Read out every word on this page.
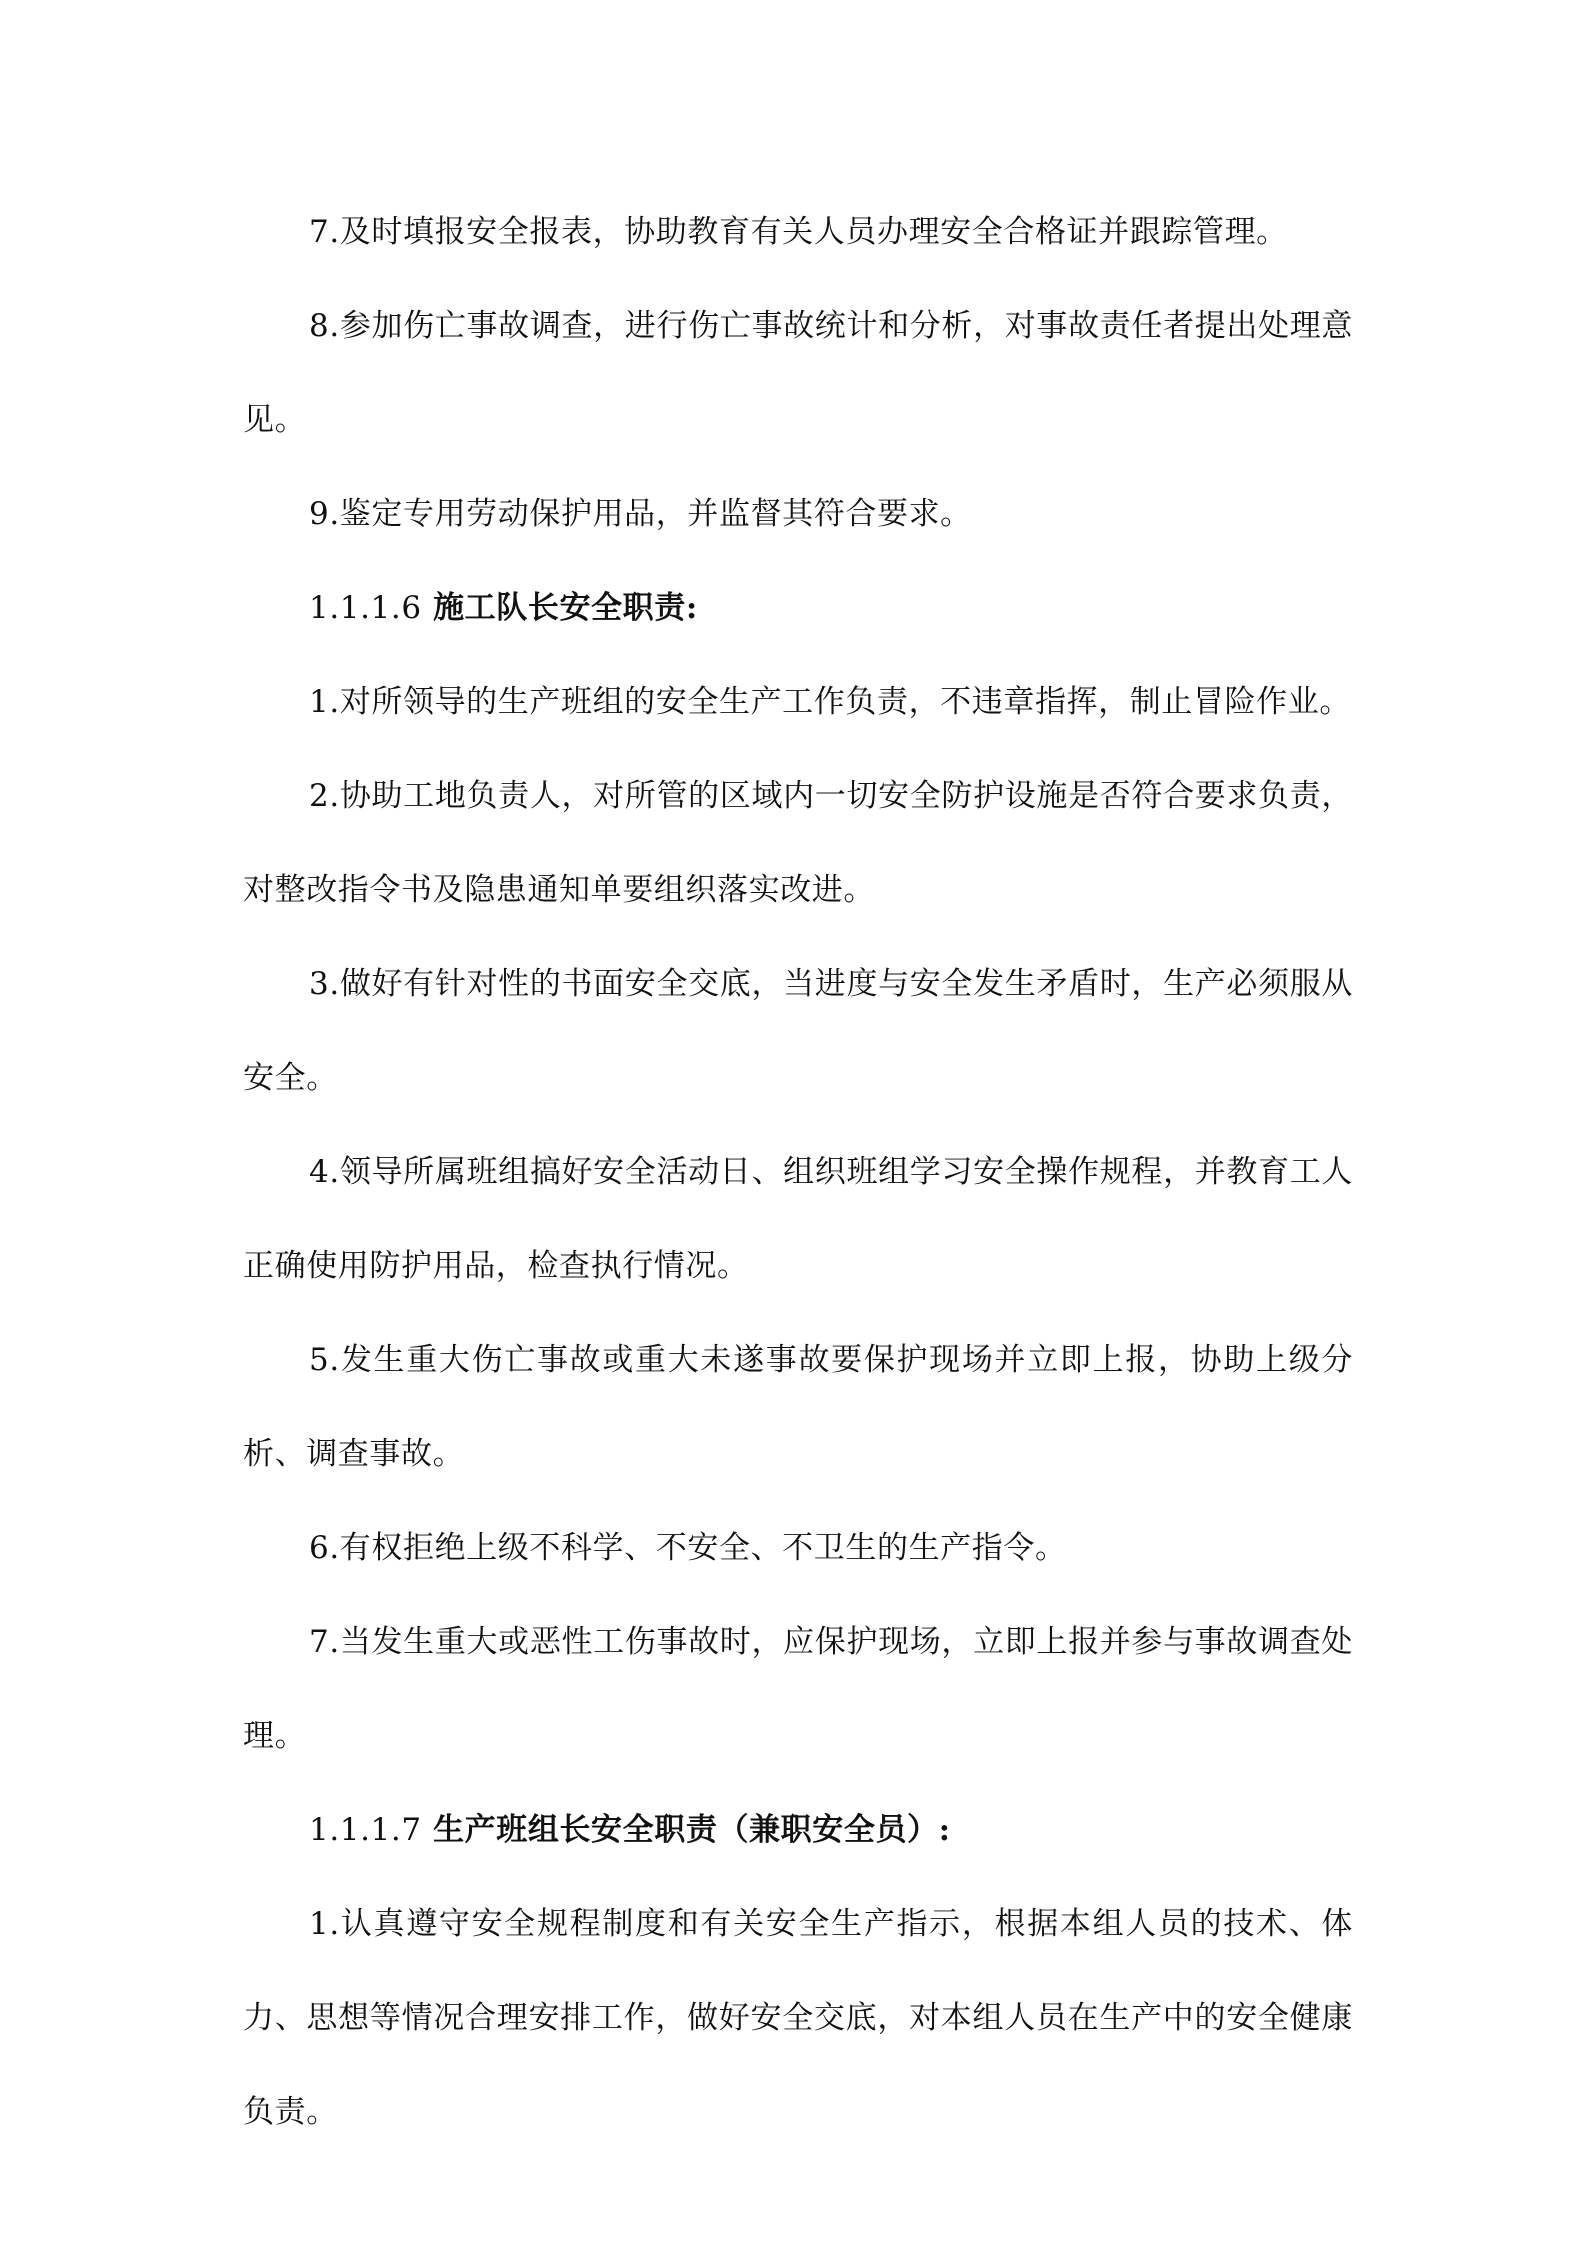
7.及时填报安全报表，协助教育有关人员办理安全合格证并跟踪管理。

8.参加伤亡事故调查，进行伤亡事故统计和分析，对事故责任者提出处理意见。

9.鉴定专用劳动保护用品，并监督其符合要求。

1.1.1.6 施工队长安全职责:

1.对所领导的生产班组的安全生产工作负责，不违章指挥，制止冒险作业。

2.协助工地负责人，对所管的区域内一切安全防护设施是否符合要求负责，对整改指令书及隐患通知单要组织落实改进。

3.做好有针对性的书面安全交底，当进度与安全发生矛盾时，生产必须服从安全。

4.领导所属班组搞好安全活动日、组织班组学习安全操作规程，并教育工人正确使用防护用品，检查执行情况。

5.发生重大伤亡事故或重大未遂事故要保护现场并立即上报，协助上级分析、调查事故。

6.有权拒绝上级不科学、不安全、不卫生的生产指令。

7.当发生重大或恶性工伤事故时，应保护现场，立即上报并参与事故调查处理。

1.1.1.7 生产班组长安全职责（兼职安全员）:

1.认真遵守安全规程制度和有关安全生产指示，根据本组人员的技术、体力、思想等情况合理安排工作，做好安全交底，对本组人员在生产中的安全健康负责。
